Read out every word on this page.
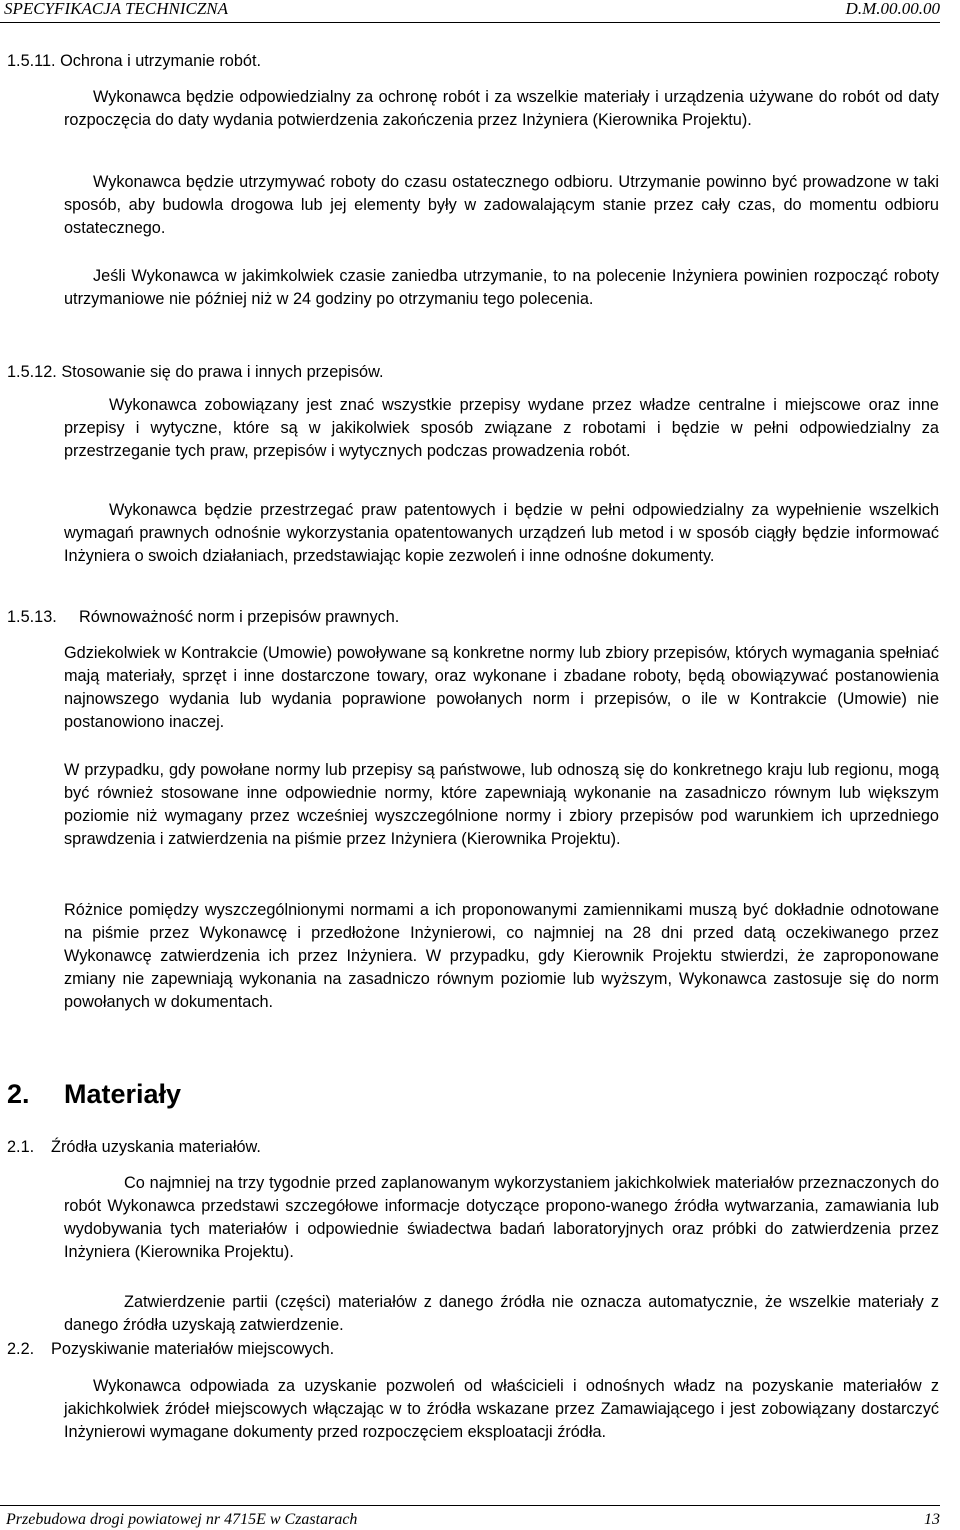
SPECYFIKACJA TECHNICZNA	D.M.00.00.00
1.5.11. Ochrona i utrzymanie robót.
Wykonawca będzie odpowiedzialny za ochronę robót i za wszelkie materiały i urządzenia używane do robót od daty rozpoczęcia do daty wydania potwierdzenia zakończenia przez Inżyniera (Kierownika Projektu).
Wykonawca będzie utrzymywać roboty do czasu ostatecznego odbioru. Utrzymanie powinno być prowadzone w taki sposób, aby budowla drogowa lub jej elementy były w zadowalającym stanie przez cały czas, do momentu odbioru ostatecznego.
Jeśli Wykonawca w jakimkolwiek czasie zaniedba utrzymanie, to na polecenie Inżyniera powinien rozpocząć roboty utrzymaniowe nie później niż w 24 godziny po otrzymaniu tego polecenia.
1.5.12. Stosowanie się do prawa i innych przepisów.
Wykonawca zobowiązany jest znać wszystkie przepisy wydane przez władze centralne i miejscowe oraz inne przepisy i wytyczne, które są w jakikolwiek sposób związane z robotami i będzie w pełni odpowiedzialny za przestrzeganie tych praw, przepisów i wytycznych podczas prowadzenia robót.
Wykonawca będzie przestrzegać praw patentowych i będzie w pełni odpowiedzialny za wypełnienie wszelkich wymagań prawnych odnośnie wykorzystania opatentowanych urządzeń lub metod i w sposób ciągły będzie informować Inżyniera o swoich działaniach, przedstawiając kopie zezwoleń i inne odnośne dokumenty.
1.5.13. Równoważność norm i przepisów prawnych.
Gdziekolwiek w Kontrakcie (Umowie) powoływane są konkretne normy lub zbiory przepisów, których wymagania spełniać mają materiały, sprzęt i inne dostarczone towary, oraz wykonane i zbadane roboty, będą obowiązywać postanowienia najnowszego wydania lub wydania poprawione powołanych norm i przepisów, o ile w Kontrakcie (Umowie) nie postanowiono inaczej.
W przypadku, gdy powołane normy lub przepisy są państwowe, lub odnoszą się do konkretnego kraju lub regionu, mogą być również stosowane inne odpowiednie normy, które zapewniają wykonanie na zasadniczo równym lub większym poziomie niż wymagany przez wcześniej wyszczególnione normy i zbiory przepisów pod warunkiem ich uprzedniego sprawdzenia i zatwierdzenia na piśmie przez Inżyniera (Kierownika Projektu).
Różnice pomiędzy wyszczególnionymi normami a ich proponowanymi zamiennikami muszą być dokładnie odnotowane na piśmie przez Wykonawcę i przedłożone Inżynierowi, co najmniej na 28 dni przed datą oczekiwanego przez Wykonawcę zatwierdzenia ich przez Inżyniera. W przypadku, gdy Kierownik Projektu stwierdzi, że zaproponowane zmiany nie zapewniają wykonania na zasadniczo równym poziomie lub wyższym, Wykonawca zastosuje się do norm powołanych w dokumentach.
2. Materiały
2.1. Źródła uzyskania materiałów.
Co najmniej na trzy tygodnie przed zaplanowanym wykorzystaniem jakichkolwiek materiałów przeznaczonych do robót Wykonawca przedstawi szczegółowe informacje dotyczące propono-wanego źródła wytwarzania, zamawiania lub wydobywania tych materiałów i odpowiednie świadectwa badań laboratoryjnych oraz próbki do zatwierdzenia przez Inżyniera (Kierownika Projektu).
Zatwierdzenie partii (części) materiałów z danego źródła nie oznacza automatycznie, że wszelkie materiały z danego źródła uzyskają zatwierdzenie.
2.2. Pozyskiwanie materiałów miejscowych.
Wykonawca odpowiada za uzyskanie pozwoleń od właścicieli i odnośnych władz na pozyskanie materiałów z jakichkolwiek źródeł miejscowych włączając w to źródła wskazane przez Zamawiającego i jest zobowiązany dostarczyć Inżynierowi wymagane dokumenty przed rozpoczęciem eksploatacji źródła.
Przebudowa drogi powiatowej nr 4715E w Czastarach	13
